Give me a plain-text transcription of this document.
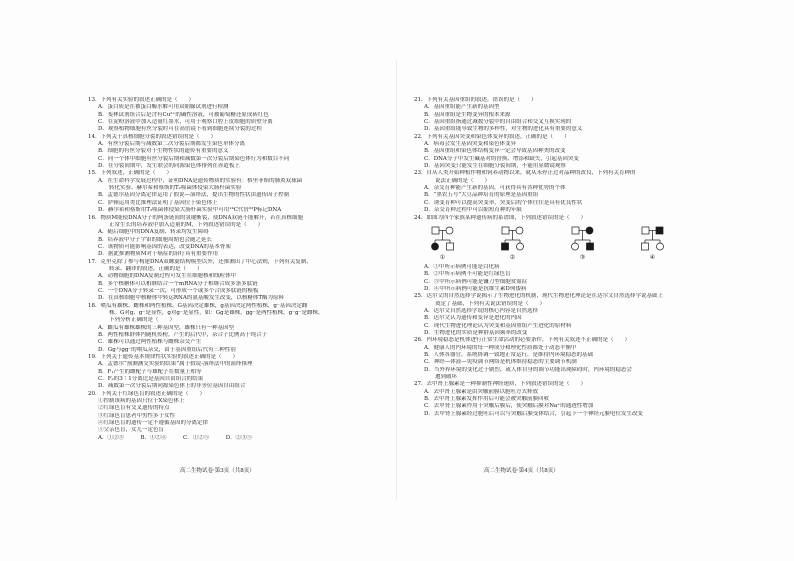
13．下列有关实验的叙述正确的是（　　）
A．蛋白质是在被蛋白酶水解可用双缩脲试剂进行检测
B．斐林试剂组合后是含有Cu²⁺的碱性溶液，可被葡萄糖还原成砖红色
C．在淀粉溶液中加入适量红墨水，可用于观察口腔上皮细胞的质壁分离
D．观察植物细胞有丝分裂时可在高倍镜下看到细胞连续分裂的过程
14．下列关于真核细胞分裂的叙述错误的是（　　）
A．有丝分裂后期与减数第二次分裂后期都发生染色单体分离
B．细胞的有丝分裂对于生物性状的遗传有重要的意义
C．同一个体中细胞有丝分裂后期和减数第一次分裂后期染色体行为和数目不同
D．在分裂间期中，发生联会的同源染色体排列在赤道板上
15．下列叙述，正确的是（　　）
A．在生命科学发展过程中，证明DNA是遗传物质的实验有：格里菲斯的肺炎双球菌
　　转化实验、赫尔希和蔡斯的T₂噬菌体侵染大肠杆菌实验
B．孟德尔基因分离定律运用了假说—演绎法，提出生物的性状由遗传因子控制
C．萨顿运用类比推理法证明了基因位于染色体上
D．赫尔希和蔡斯用T₂噬菌体侵染大肠杆菌实验中可用¹⁴C代替³²P标记DNA
16．物质M能使DNA分子的两条链间的氢键断裂，使DNA双链不能解开，若在真核细胞
　　正常生长的培养液中加入适量的M，下列叙述错误的是（　　）
A．随后细胞中的DNA复制、转录均发生障碍
B．培养液中分子宇宙的细胞周期也会随之延长
C．该物质可能影响基因的表达，改变DNA的基本骨架
D．据此推测物质M对于癌症的治疗具有重要作用
17．克里克除了参与构建DNA双螺旋结构模型以外，还推测出了中心法则，下列有关复制、
　　转录、翻译的叙述，正确的是（　　）
A．动物细胞的DNA复制过程可发生在细胞核和线粒体中
B．多个核糖体可以相继结合一个mRNA分子相继合成多条多肽链
C．一个DNA分子转录一次，可形成一个或多个合成多肽链的模板
D．在真核细胞中核糖体中转运RNA的氨基酸发生改变，以核糖体T酶为原料
18．喷瓜有雄株、雌株和两性植株，G基因决定雄株，g基因决定两性植株，g⁻基因决定雌
　　株。G对g、g⁻是显性，g对g⁻是显性，如：Gg是雄株，gg⁻是两性植株，g⁻g⁻是雌株。
　　下列分析正确的是（　　）
A．雌瓜有雄株雄株的三种基因型，雄株只有一种基因型
B．两性植株群体内随机传粉，产生的后代中，杂合子比例高于纯合子
C．雄株可以通过两性植株与雌株杂交产生
D．Gg与gg⁻的喷瓜杂交，由于基因重组后代有三种性别
19．下列关于遗传基本规律性状实验的叙述正确的是（　　）
A．孟德尔“预测测交实验的结果”属于假说-演绎法中的演绎推理
B．F₁产生的雌配子与雄配子在数量上相等
C．F₂的3∶1分离比是基因自由组合的结果
D．减数第一次分裂后期同源染色体上的非等位基因自由组合
20．下列关于红绿色盲的叙述正确的是（　　）
①控制该病的基因只位于X染色体上
②红绿色盲有交叉遗传的特点
③红绿色盲患者中男性多于女性
④红绿色盲的遗传一定不遵循基因的分离定律
⑤父亲色盲，女儿一定色盲
A．①②③　　　B．①②④　　　C．①②⑤　　　D．②③⑤
21．下列有关基因重组的叙述，错误的是（　　）
A．基因重组能产生新的基因型
B．基因重组是生物变异的根本来源
C．基因重组指通过减数分裂中的自由组合和交叉互换实现的
D．基因重组能导致生物的多样性，对生物的进化具有重要的意义
22．下列有关基因突变和染色体变异的叙述，正确的是（　　）
A．病毒会发生基因突变和染色体变异
B．基因重组和染色体结构变异一定会导致基因种类的改变
C．DNA分子中发生碱基对的替换、增添和缺失，引起基因突变
D．基因突变只能发生在细胞分裂间期，不能用显微镜观察
23．自从人类开始种植作物和饲养动物以来，就从未停止过对品种的改良，下列有关育种的
　　说法正确的是（　　）
A．杂交育种能产生新的基因，可获得具有各种优势的个体
B．“黑农五号”大豆品种培育的原理是基因重组
C．诱变育种可以提高突变率，突变后的个体往往是具有优良性状
D．杂交育种过程中可以缩短育种的年限
24．如图为四个家族某种遗传病的系谱图，下列叙述错误的是（　　）
①	②	③	④
A．①中所示病例可能是白化病
B．②中所示病例不可能是红绿色盲
C．③中所示病例可能是镰刀型细胞贫血症
D．④中所示病例可能是抗维生素D佝偻病
25．达尔文的自然选择学说揭示了生物进化的机制，现代生物进化理论是在达尔文自然选择学说基础上
　　奠定了基础，下列有关说法错误的是（　　）
A．达尔文自然选择学说的核心内容是自然选择
B．达尔文认为遗传和变异是进化的内因
C．现代生物进化理论认为突变和基因重组产生进化的原材料
D．生物进化的实质是种群基因频率的改变
26．内环境稳态是机体进行正常生命活动的必要条件，下列有关叙述不正确的是（　　）
A．健康人的内环境的每一种成分和理化性质都处于动态平衡中
B．人体各器官、系统协调一致地正常运行，是维持内环境稳态的基础
C．神经—体液—免疫调节网络是机体维持稳态的主要调节机制
D．当外界环境的变化过于剧烈，或人体自身的调节功能出现障碍时，内环境的稳态会
　　遭到破坏
27．去甲肾上腺素是一种抑制性神经递质，下列叙述错误的是（　　）
A．去甲肾上腺素是由突触前膜以胞吐方式释放
B．去甲肾上腺素发挥作用后可能会被突触前膜回收
C．去甲肾上腺素作用于突触后膜后，使突触后膜对Na⁺的通透性增加
D．去甲肾上腺素经过胞吐后可以与突触后膜受体结合，引起下一个神经元膜电位发生改变
高二生物试卷·第3页（共8页）	高二生物试卷·第4页（共8页）
